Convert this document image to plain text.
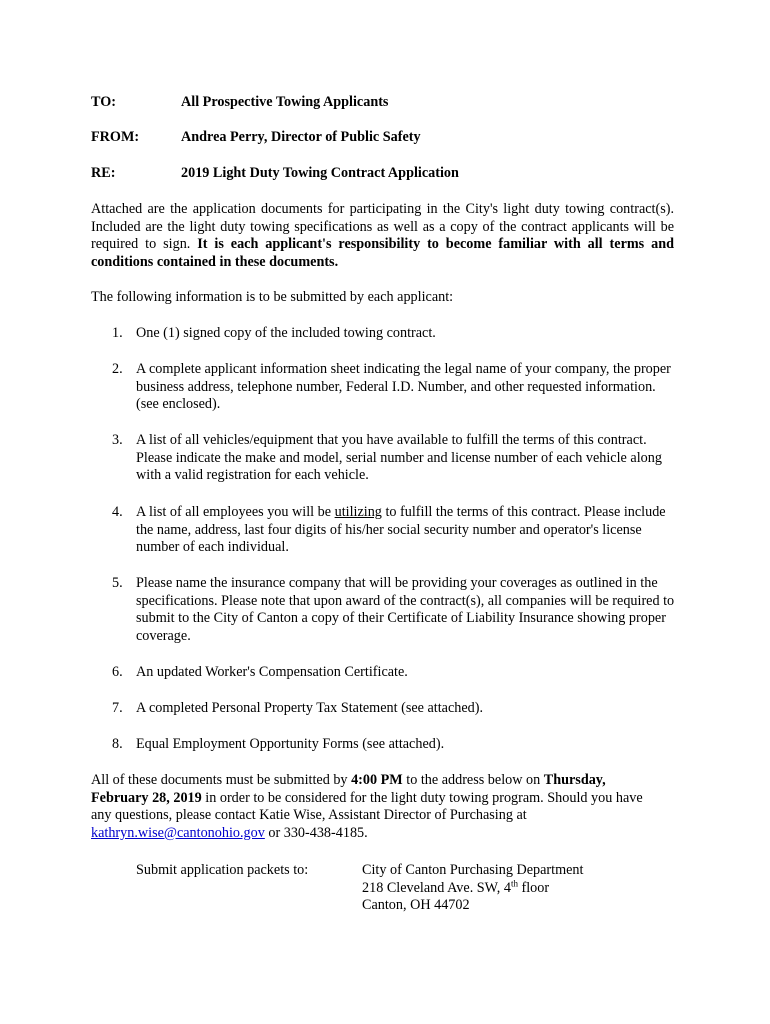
TO:	All Prospective Towing Applicants

FROM:	Andrea Perry, Director of Public Safety

RE:	2019 Light Duty Towing Contract Application

Attached are the application documents for participating in the City's light duty towing contract(s). Included are the light duty towing specifications as well as a copy of the contract applicants will be required to sign. It is each applicant's responsibility to become familiar with all terms and conditions contained in these documents.

The following information is to be submitted by each applicant:

1. One (1) signed copy of the included towing contract.
2. A complete applicant information sheet indicating the legal name of your company, the proper business address, telephone number, Federal I.D. Number, and other requested information. (see enclosed).
3. A list of all vehicles/equipment that you have available to fulfill the terms of this contract. Please indicate the make and model, serial number and license number of each vehicle along with a valid registration for each vehicle.
4. A list of all employees you will be utilizing to fulfill the terms of this contract. Please include the name, address, last four digits of his/her social security number and operator's license number of each individual.
5. Please name the insurance company that will be providing your coverages as outlined in the specifications. Please note that upon award of the contract(s), all companies will be required to submit to the City of Canton a copy of their Certificate of Liability Insurance showing proper coverage.
6. An updated Worker's Compensation Certificate.
7. A completed Personal Property Tax Statement (see attached).
8. Equal Employment Opportunity Forms (see attached).

All of these documents must be submitted by 4:00 PM to the address below on Thursday, February 28, 2019 in order to be considered for the light duty towing program. Should you have any questions, please contact Katie Wise, Assistant Director of Purchasing at kathryn.wise@cantonohio.gov or 330-438-4185.

Submit application packets to:	City of Canton Purchasing Department
218 Cleveland Ave. SW, 4th floor
Canton, OH 44702
